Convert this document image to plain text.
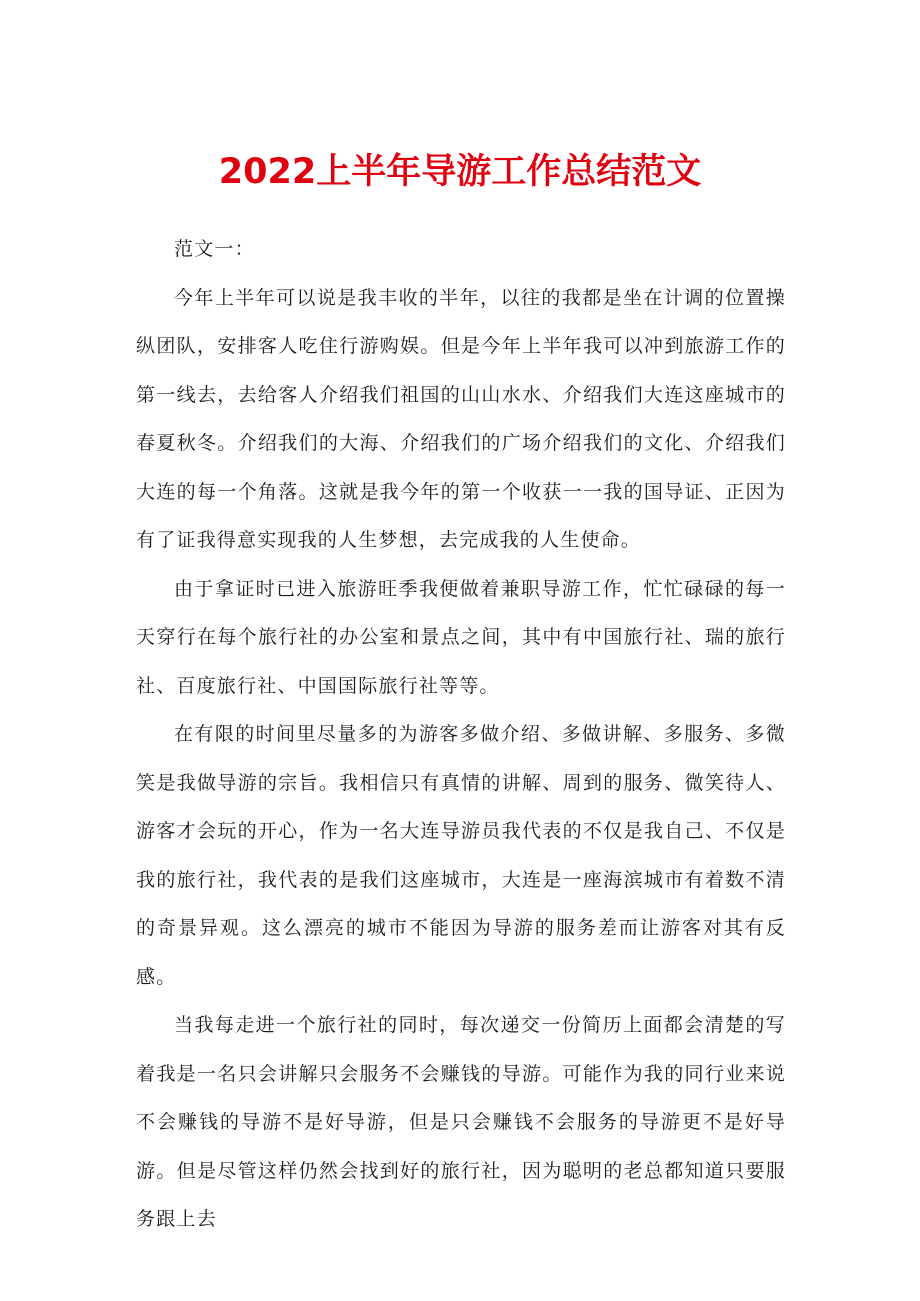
2022上半年导游工作总结范文

范文一：

今年上半年可以说是我丰收的半年，以往的我都是坐在计调的位置操纵团队，安排客人吃住行游购娱。但是今年上半年我可以冲到旅游工作的第一线去，去给客人介绍我们祖国的山山水水、介绍我们大连这座城市的春夏秋冬。介绍我们的大海、介绍我们的广场介绍我们的文化、介绍我们大连的每一个角落。这就是我今年的第一个收获一一我的国导证、正因为有了证我得意实现我的人生梦想，去完成我的人生使命。

由于拿证时已进入旅游旺季我便做着兼职导游工作，忙忙碌碌的每一天穿行在每个旅行社的办公室和景点之间，其中有中国旅行社、瑞的旅行社、百度旅行社、中国国际旅行社等等。

在有限的时间里尽量多的为游客多做介绍、多做讲解、多服务、多微笑是我做导游的宗旨。我相信只有真情的讲解、周到的服务、微笑待人、游客才会玩的开心，作为一名大连导游员我代表的不仅是我自己、不仅是我的旅行社，我代表的是我们这座城市，大连是一座海滨城市有着数不清的奇景异观。这么漂亮的城市不能因为导游的服务差而让游客对其有反感。

当我每走进一个旅行社的同时，每次递交一份简历上面都会清楚的写着我是一名只会讲解只会服务不会赚钱的导游。可能作为我的同行业来说不会赚钱的导游不是好导游，但是只会赚钱不会服务的导游更不是好导游。但是尽管这样仍然会找到好的旅行社，因为聪明的老总都知道只要服务跟上去
